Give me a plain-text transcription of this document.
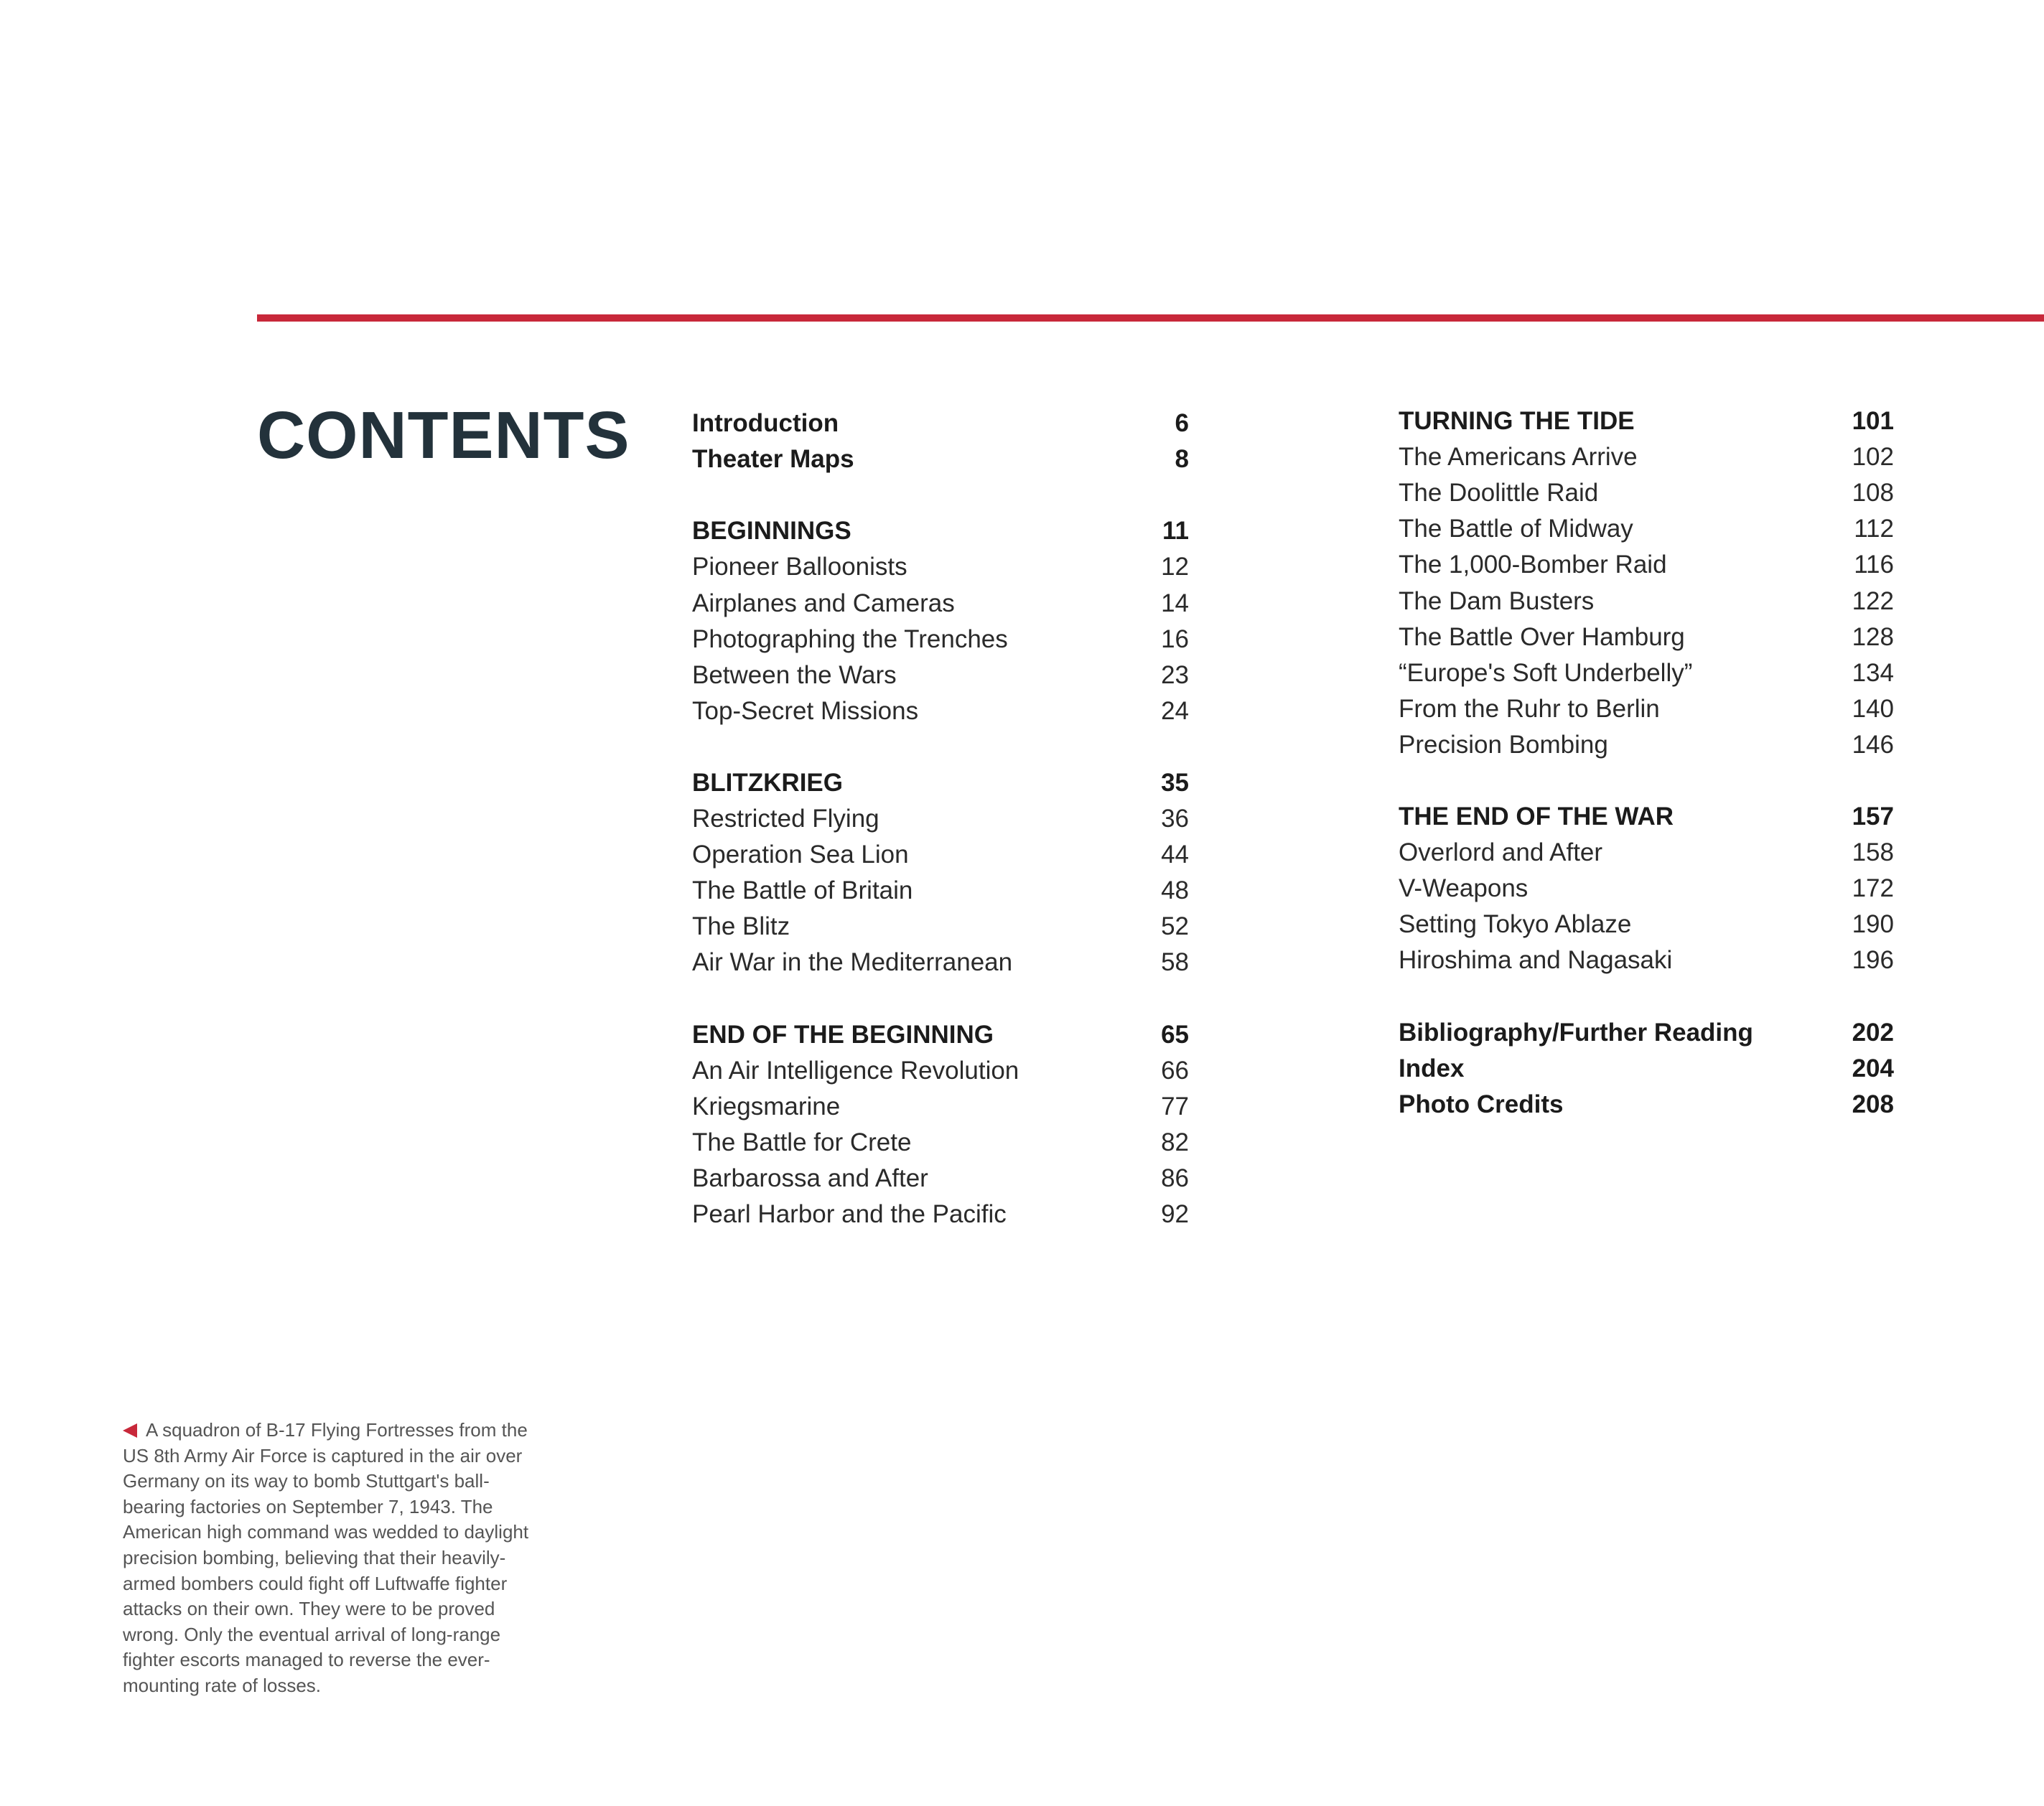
CONTENTS Introduction	6
Theater Maps	8
BEGINNINGS	11
Pioneer Balloonists	12
Airplanes and Cameras	14
Photographing the Trenches	16
Between the Wars	23
Top-Secret Missions	24
BLITZKRIEG	35
Restricted Flying	36
Operation Sea Lion	44
The Battle of Britain	48
The Blitz	52
Air War in the Mediterranean	58
END OF THE BEGINNING	65
An Air Intelligence Revolution	66
Kriegsmarine	77
The Battle for Crete	82
Barbarossa and After	86
Pearl Harbor and the Pacific	92
TURNING THE TIDE	101
The Americans Arrive	102
The Doolittle Raid	108
The Battle of Midway	112
The 1,000-Bomber Raid	116
The Dam Busters	122
The Battle Over Hamburg	128
“Europe's Soft Underbelly”	134
From the Ruhr to Berlin	140
Precision Bombing	146
THE END OF THE WAR	157
Overlord and After	158
V-Weapons	172
Setting Tokyo Ablaze	190
Hiroshima and Nagasaki	196
Bibliography/Further Reading	202
Index	204
Photo Credits	208
A squadron of B-17 Flying Fortresses from the US 8th Army Air Force is captured in the air over Germany on its way to bomb Stuttgart's ball-bearing factories on September 7, 1943. The American high command was wedded to daylight precision bombing, believing that their heavily-armed bombers could fight off Luftwaffe fighter attacks on their own. They were to be proved wrong. Only the eventual arrival of long-range fighter escorts managed to reverse the ever-mounting rate of losses.
